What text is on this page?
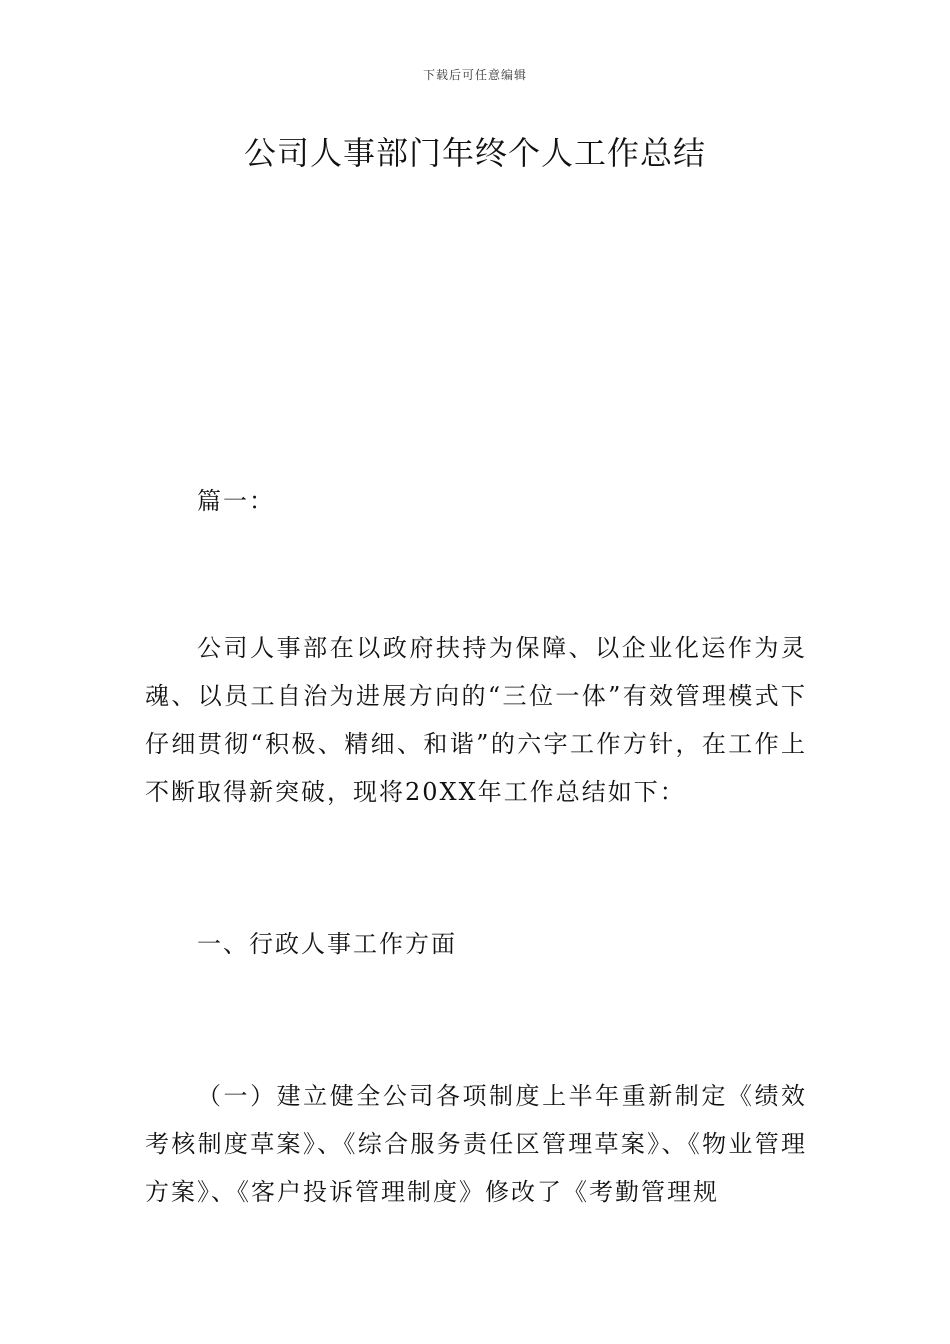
下载后可任意编辑
公司人事部门年终个人工作总结

篇一：

公司人事部在以政府扶持为保障、以企业化运作为灵魂、以员工自治为进展方向的“三位一体”有效管理模式下仔细贯彻“积极、精细、和谐”的六字工作方针，在工作上不断取得新突破，现将20XX年工作总结如下：

一、行政人事工作方面

（一）建立健全公司各项制度上半年重新制定《绩效考核制度草案》、《综合服务责任区管理草案》、《物业管理方案》、《客户投诉管理制度》修改了《考勤管理规
